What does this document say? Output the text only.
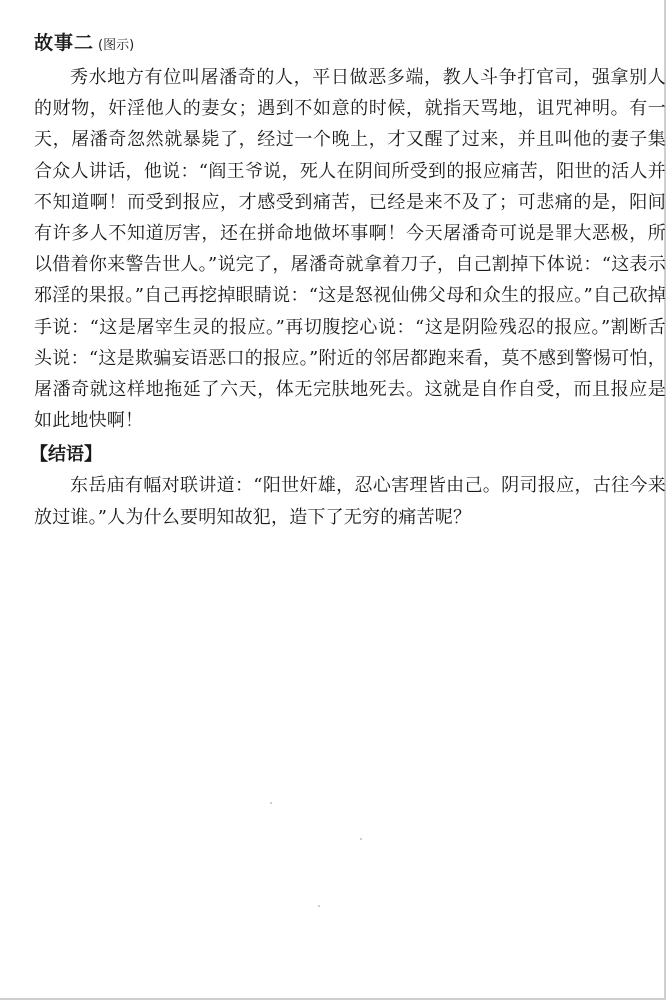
故事二 (图示)

秀水地方有位叫屠潘奇的人，平日做恶多端，教人斗争打官司，强拿别人的财物，奸淫他人的妻女；遇到不如意的时候，就指天骂地，诅咒神明。有一天，屠潘奇忽然就暴毙了，经过一个晚上，才又醒了过来，并且叫他的妻子集合众人讲话，他说：“阎王爷说，死人在阴间所受到的报应痛苦，阳世的活人并不知道啊！而受到报应，才感受到痛苦，已经是来不及了；可悲痛的是，阳间有许多人不知道厉害，还在拼命地做坏事啊！今天屠潘奇可说是罪大恶极，所以借着你来警告世人。”说完了，屠潘奇就拿着刀子，自己割掉下体说：“这表示邪淫的果报。”自己再挖掉眼睛说：“这是怒视仙佛父母和众生的报应。”自己砍掉手说：“这是屠宰生灵的报应。”再切腹挖心说：“这是阴险残忍的报应。”割断舌头说：“这是欺骗妄语恶口的报应。”附近的邻居都跑来看，莫不感到警惕可怕，屠潘奇就这样地拖延了六天，体无完肤地死去。这就是自作自受，而且报应是如此地快啊！

【结语】

东岳庙有幅对联讲道：“阳世奸雄，忍心害理皆由己。阴司报应，古往今来放过谁。”人为什么要明知故犯，造下了无穷的痛苦呢？
